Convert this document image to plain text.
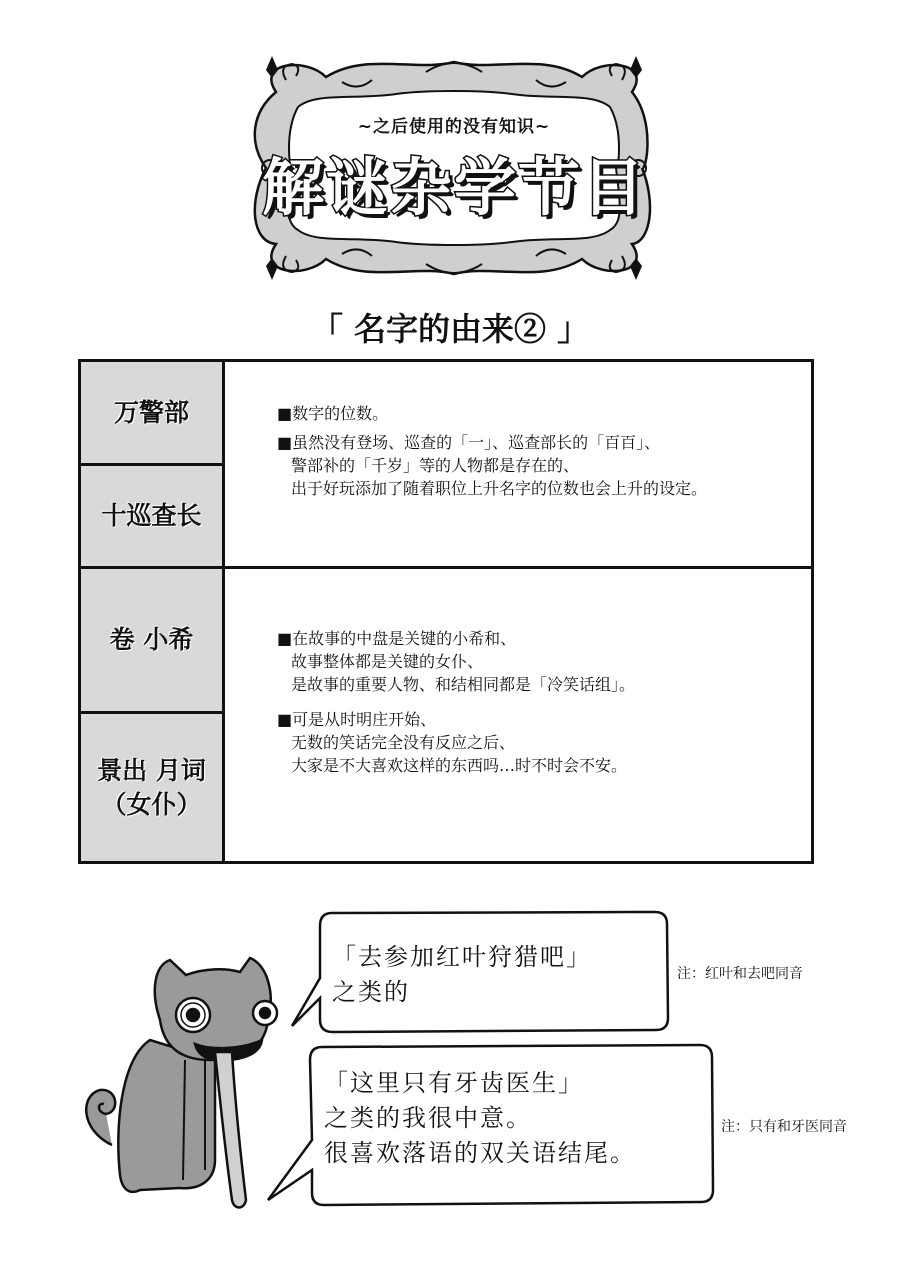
~之后使用的没有知识~
解谜杂学节目
「 名字的由来② 」
万警部
十巡查长
卷 小希
景出 月词
（女仆）
■数字的位数。
■虽然没有登场、巡查的「一」、巡查部长的「百百」、
警部补的「千岁」等的人物都是存在的、
出于好玩添加了随着职位上升名字的位数也会上升的设定。
■在故事的中盘是关键的小希和、
故事整体都是关键的女仆、
是故事的重要人物、和结相同都是「冷笑话组」。
■可是从时明庄开始、
无数的笑话完全没有反应之后、
大家是不大喜欢这样的东西吗…时不时会不安。
「去参加红叶狩猎吧」
之类的
「这里只有牙齿医生」
之类的我很中意。
很喜欢落语的双关语结尾。
注：红叶和去吧同音
注：只有和牙医同音
